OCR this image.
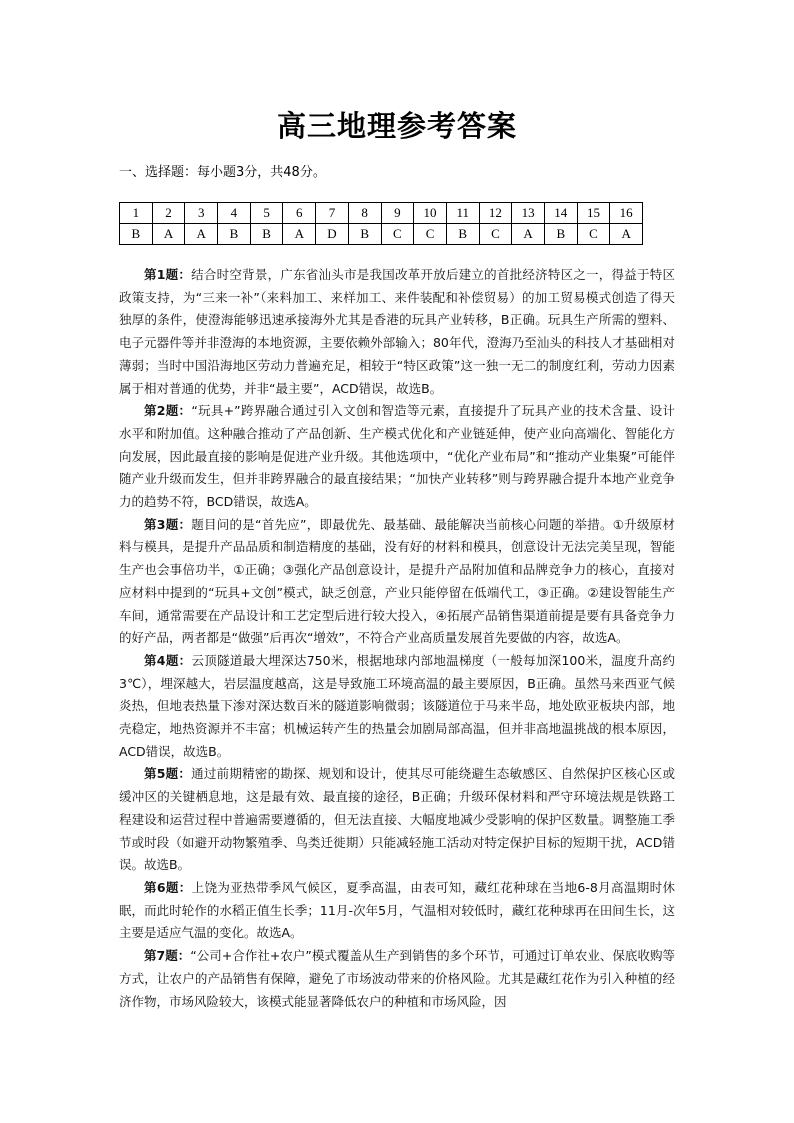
高三地理参考答案
一、选择题：每小题3分，共48分。
1	2	3	4	5	6	7	8	9	10	11	12	13	14	15	16
B	A	A	B	B	A	D	B	C	C	B	C	A	B	C	A

第1题：结合时空背景，广东省汕头市是我国改革开放后建立的首批经济特区之一，得益于特区政策支持，为“三来一补”（来料加工、来样加工、来件装配和补偿贸易）的加工贸易模式创造了得天独厚的条件，使澄海能够迅速承接海外尤其是香港的玩具产业转移，B正确。玩具生产所需的塑料、电子元器件等并非澄海的本地资源，主要依赖外部输入；80年代，澄海乃至汕头的科技人才基础相对薄弱；当时中国沿海地区劳动力普遍充足，相较于“特区政策”这一独一无二的制度红利，劳动力因素属于相对普通的优势，并非“最主要”，ACD错误，故选B。

第2题：“玩具+”跨界融合通过引入文创和智造等元素，直接提升了玩具产业的技术含量、设计水平和附加值。这种融合推动了产品创新、生产模式优化和产业链延伸，使产业向高端化、智能化方向发展，因此最直接的影响是促进产业升级。其他选项中，“优化产业布局”和“推动产业集聚”可能伴随产业升级而发生，但并非跨界融合的最直接结果；“加快产业转移”则与跨界融合提升本地产业竞争力的趋势不符，BCD错误，故选A。

第3题：题目问的是“首先应”，即最优先、最基础、最能解决当前核心问题的举措。①升级原材料与模具，是提升产品品质和制造精度的基础，没有好的材料和模具，创意设计无法完美呈现，智能生产也会事倍功半，①正确；③强化产品创意设计，是提升产品附加值和品牌竞争力的核心，直接对应材料中提到的“玩具+文创”模式，缺乏创意，产业只能停留在低端代工，③正确。②建设智能生产车间，通常需要在产品设计和工艺定型后进行较大投入，④拓展产品销售渠道前提是要有具备竞争力的好产品，两者都是“做强”后再次“增效”，不符合产业高质量发展首先要做的内容，故选A。

第4题：云顶隧道最大埋深达750米，根据地球内部地温梯度（一般每加深100米，温度升高约3℃），埋深越大，岩层温度越高，这是导致施工环境高温的最主要原因，B正确。虽然马来西亚气候炎热，但地表热量下渗对深达数百米的隧道影响微弱；该隧道位于马来半岛，地处欧亚板块内部，地壳稳定，地热资源并不丰富；机械运转产生的热量会加剧局部高温，但并非高地温挑战的根本原因，ACD错误，故选B。

第5题：通过前期精密的勘探、规划和设计，使其尽可能绕避生态敏感区、自然保护区核心区或缓冲区的关键栖息地，这是最有效、最直接的途径，B正确；升级环保材料和严守环境法规是铁路工程建设和运营过程中普遍需要遵循的，但无法直接、大幅度地减少受影响的保护区数量。调整施工季节或时段（如避开动物繁殖季、鸟类迁徙期）只能减轻施工活动对特定保护目标的短期干扰，ACD错误。故选B。

第6题：上饶为亚热带季风气候区，夏季高温，由表可知，藏红花种球在当地6-8月高温期时休眠，而此时轮作的水稻正值生长季；11月-次年5月，气温相对较低时，藏红花种球再在田间生长，这主要是适应气温的变化。故选A。

第7题：“公司+合作社+农户”模式覆盖从生产到销售的多个环节，可通过订单农业、保底收购等方式，让农户的产品销售有保障，避免了市场波动带来的价格风险。尤其是藏红花作为引入种植的经济作物，市场风险较大，该模式能显著降低农户的种植和市场风险，因
